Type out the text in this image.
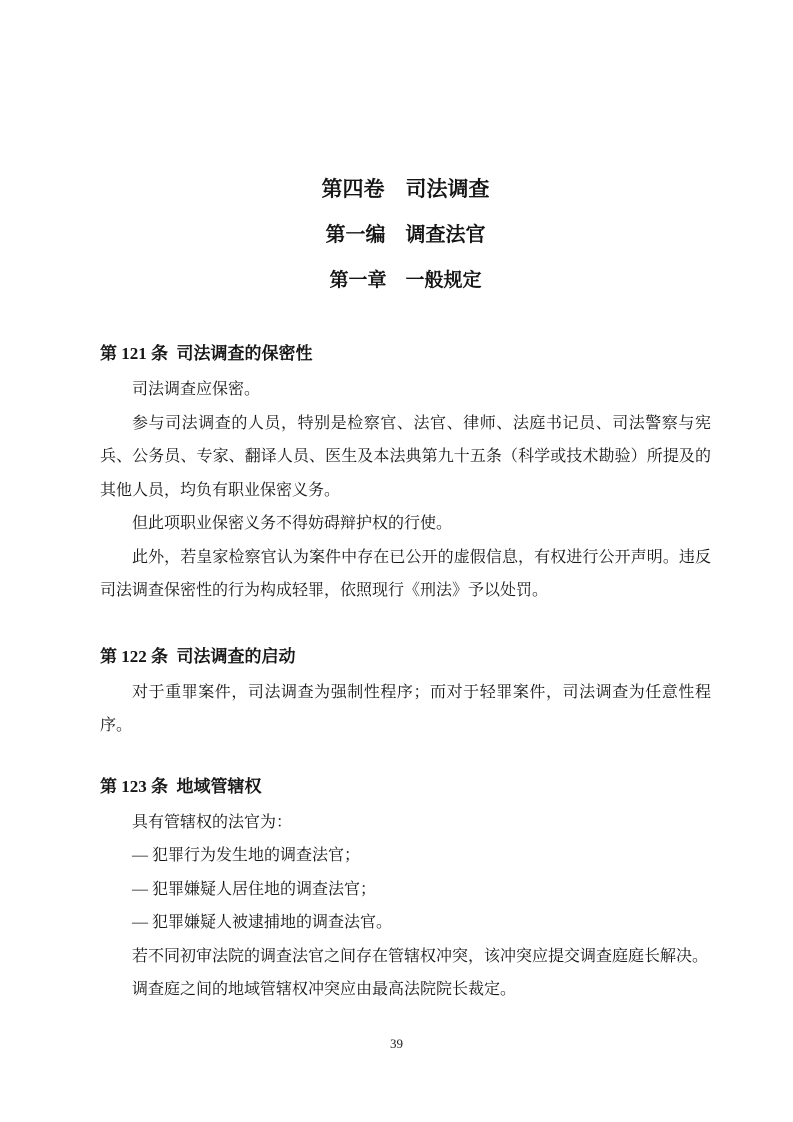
第四卷　司法调查
第一编　调查法官
第一章　一般规定
第 121 条  司法调查的保密性

司法调查应保密。

参与司法调查的人员，特别是检察官、法官、律师、法庭书记员、司法警察与宪兵、公务员、专家、翻译人员、医生及本法典第九十五条（科学或技术勘验）所提及的其他人员，均负有职业保密义务。

但此项职业保密义务不得妨碍辩护权的行使。

此外，若皇家检察官认为案件中存在已公开的虚假信息，有权进行公开声明。违反司法调查保密性的行为构成轻罪，依照现行《刑法》予以处罚。

第 122 条  司法调查的启动

对于重罪案件，司法调查为强制性程序；而对于轻罪案件，司法调查为任意性程序。

第 123 条  地域管辖权

具有管辖权的法官为：

— 犯罪行为发生地的调查法官；

— 犯罪嫌疑人居住地的调查法官；

— 犯罪嫌疑人被逮捕地的调查法官。

若不同初审法院的调查法官之间存在管辖权冲突，该冲突应提交调查庭庭长解决。

调查庭之间的地域管辖权冲突应由最高法院院长裁定。

39
